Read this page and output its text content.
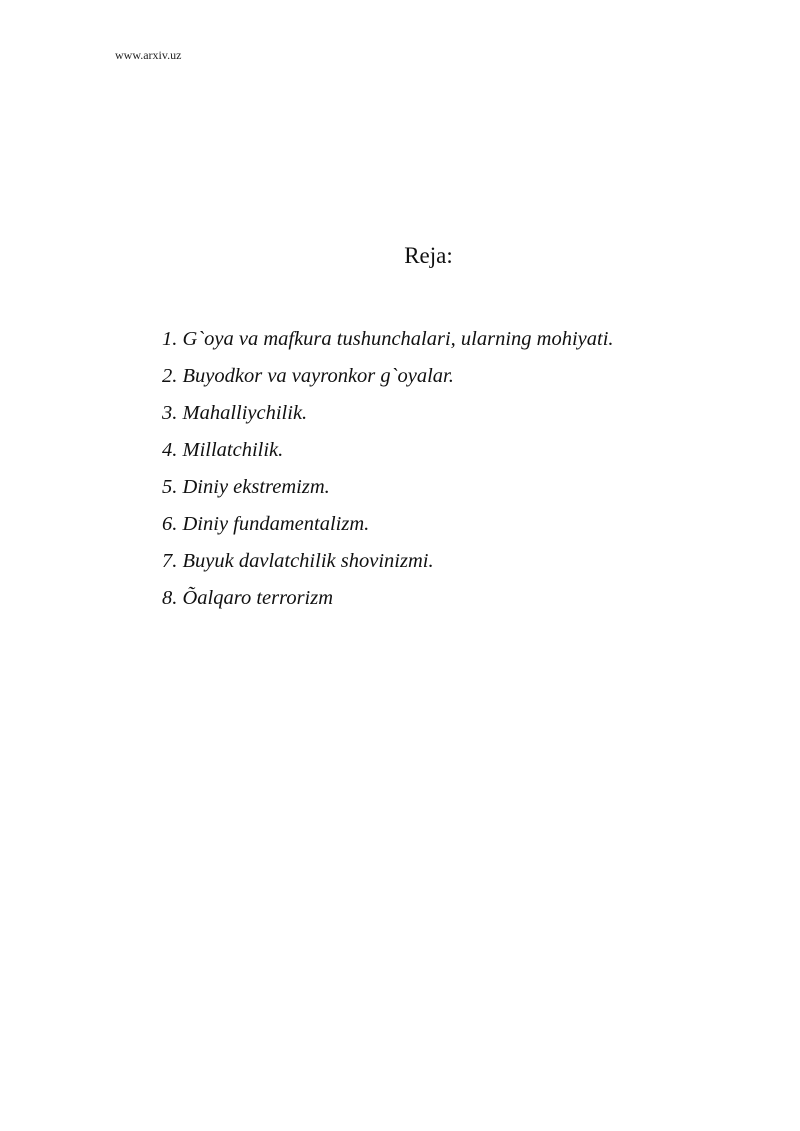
www.arxiv.uz
Reja:
1. G`oya va mafkura tushunchalari, ularning mohiyati.
2. Buyodkor va vayronkor g`oyalar.
3. Mahalliychilik.
4. Millatchilik.
5. Diniy ekstremizm.
6. Diniy fundamentalizm.
7. Buyuk davlatchilik shovinizmi.
8. Õalqaro terrorizm
